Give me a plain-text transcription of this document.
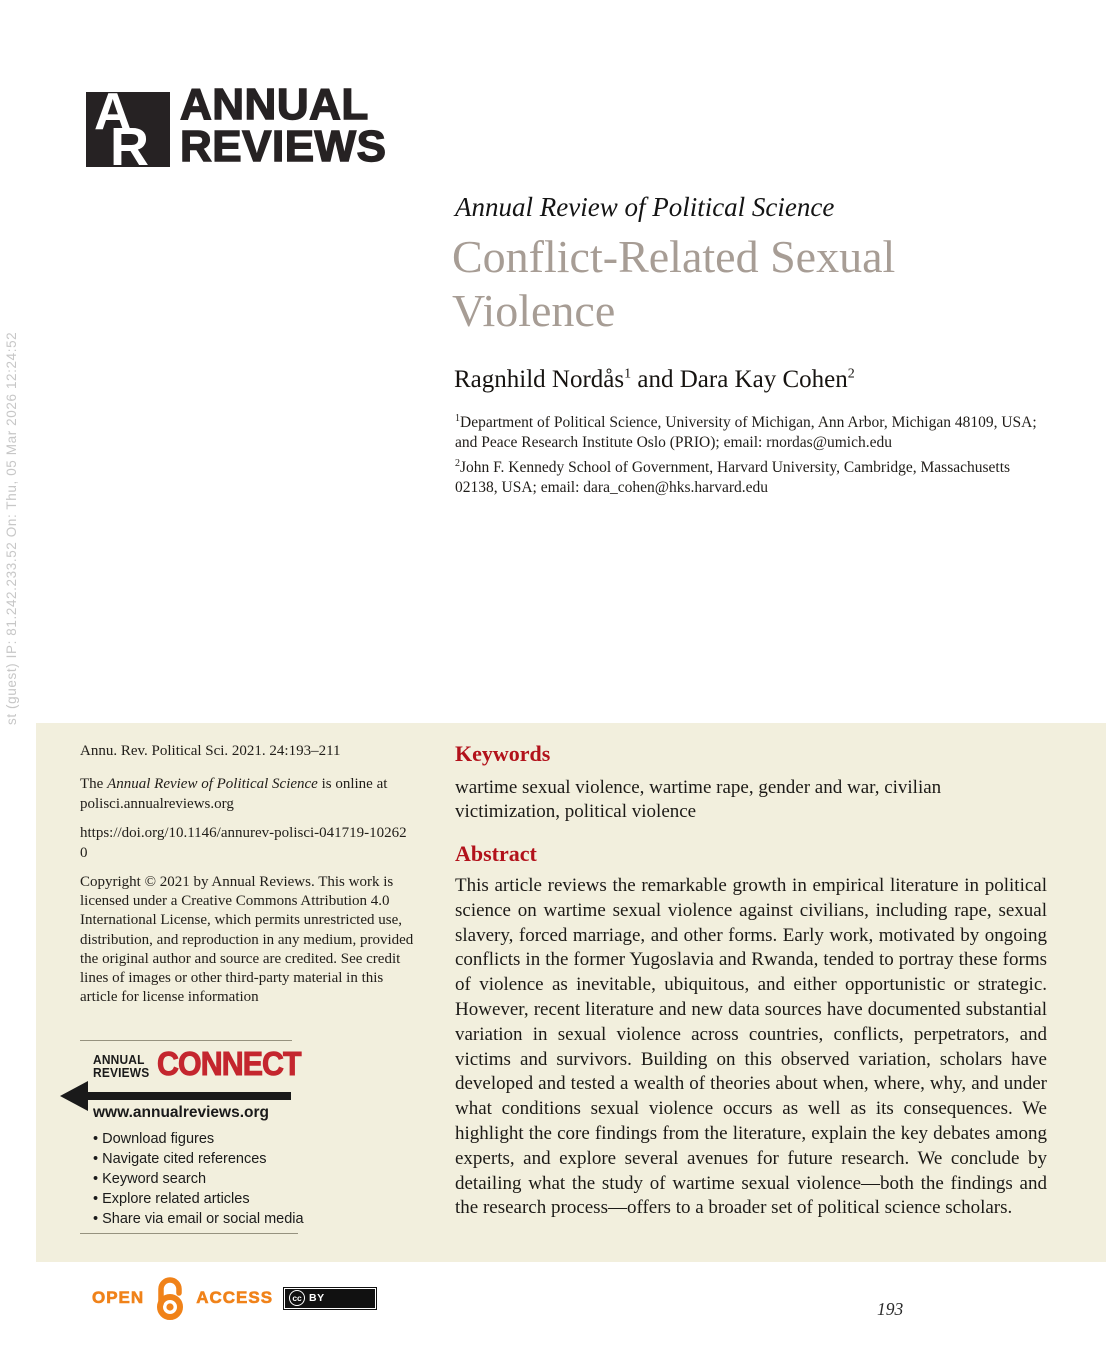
st (guest) IP: 81.242.233.52 On: Thu, 05 Mar 2026 12:24:52
A
R
ANNUAL
REVIEWS
Annual Review of Political Science
Conflict-Related Sexual
Violence
Ragnhild Nordås$^1$ and Dara Kay Cohen$^2$
$^1$Department of Political Science, University of Michigan, Ann Arbor, Michigan 48109, USA; and Peace Research Institute Oslo (PRIO); email: rnordas@umich.edu
$^2$John F. Kennedy School of Government, Harvard University, Cambridge, Massachusetts 02138, USA; email: dara_cohen@hks.harvard.edu
Annu. Rev. Political Sci. 2021. 24:193–211
The Annual Review of Political Science is online at polisci.annualreviews.org
https://doi.org/10.1146/annurev-polisci-041719-102620
Copyright © 2021 by Annual Reviews. This work is licensed under a Creative Commons Attribution 4.0 International License, which permits unrestricted use, distribution, and reproduction in any medium, provided the original author and source are credited. See credit lines of images or other third-party material in this article for license information
ANNUAL
REVIEWS CONNECT
www.annualreviews.org
• Download figures
• Navigate cited references
• Keyword search
• Explore related articles
• Share via email or social media
Keywords
wartime sexual violence, wartime rape, gender and war, civilian victimization, political violence
Abstract
This article reviews the remarkable growth in empirical literature in political science on wartime sexual violence against civilians, including rape, sexual slavery, forced marriage, and other forms. Early work, motivated by ongoing conflicts in the former Yugoslavia and Rwanda, tended to portray these forms of violence as inevitable, ubiquitous, and either opportunistic or strategic. However, recent literature and new data sources have documented substantial variation in sexual violence across countries, conflicts, perpetrators, and victims and survivors. Building on this observed variation, scholars have developed and tested a wealth of theories about when, where, why, and under what conditions sexual violence occurs as well as its consequences. We highlight the core findings from the literature, explain the key debates among experts, and explore several avenues for future research. We conclude by detailing what the study of wartime sexual violence—both the findings and the research process—offers to a broader set of political science scholars.
OPEN	ACCESS	cc BY
193
